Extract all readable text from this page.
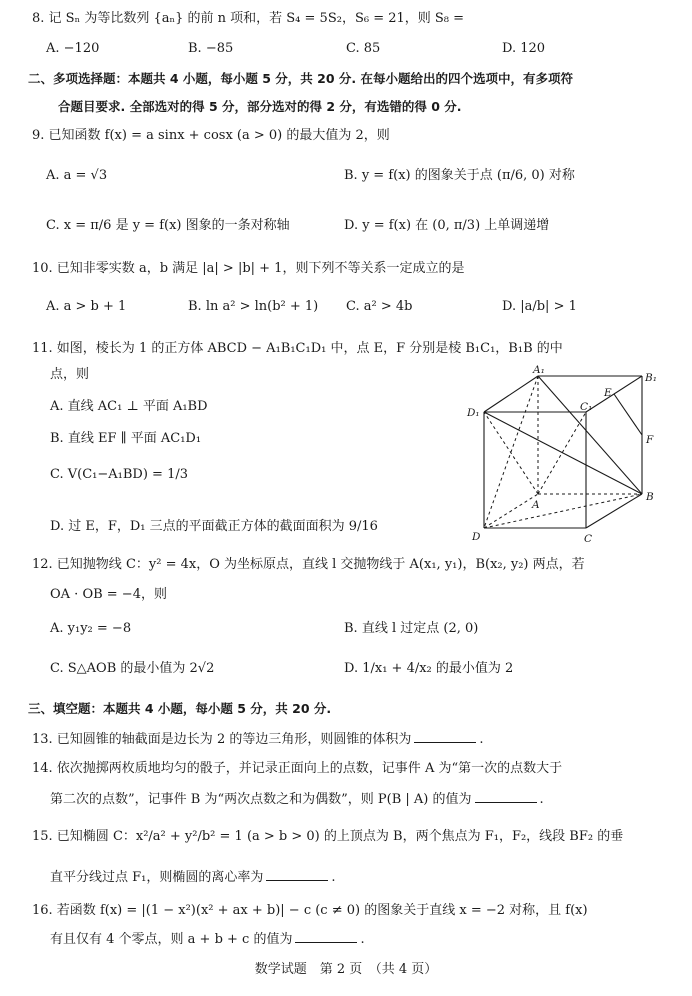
8. 记 Sₙ 为等比数列 {aₙ} 的前 n 项和，若 S₄ = 5S₂，S₆ = 21，则 S₈ =
A. −120	B. −85	C. 85	D. 120
二、多项选择题：本题共 4 小题，每小题 5 分，共 20 分. 在每小题给出的四个选项中，有多项符
合题目要求. 全部选对的得 5 分，部分选对的得 2 分，有选错的得 0 分.
9. 已知函数 f(x) = a sinx + cosx (a > 0) 的最大值为 2，则
A. a = √3	B. y = f(x) 的图象关于点 (π/6, 0) 对称
C. x = π/6 是 y = f(x) 图象的一条对称轴	D. y = f(x) 在 (0, π/3) 上单调递增
10. 已知非零实数 a，b 满足 |a| > |b| + 1，则下列不等关系一定成立的是
A. a > b + 1	B. ln a² > ln(b² + 1) C. a² > 4b	D. |a/b| > 1
11. 如图，棱长为 1 的正方体 ABCD − A₁B₁C₁D₁ 中，点 E，F 分别是棱 B₁C₁，B₁B 的中
点，则
A. 直线 AC₁ ⊥ 平面 A₁BD
B. 直线 EF ∥ 平面 AC₁D₁
C. V(C₁−A₁BD) = 1/3
D. 过 E，F，D₁ 三点的平面截正方体的截面面积为 9/16
A₁
B₁
D₁	C₁
E
F
A
B
D	C
12. 已知抛物线 C：y² = 4x，O 为坐标原点，直线 l 交抛物线于 A(x₁, y₁)，B(x₂, y₂) 两点，若
OA · OB = −4，则
A. y₁y₂ = −8	B. 直线 l 过定点 (2, 0)
C. S△AOB 的最小值为 2√2	D. 1/x₁ + 4/x₂ 的最小值为 2
三、填空题：本题共 4 小题，每小题 5 分，共 20 分.
13. 已知圆锥的轴截面是边长为 2 的等边三角形，则圆锥的体积为	.
14. 依次抛掷两枚质地均匀的骰子，并记录正面向上的点数，记事件 A 为“第一次的点数大于
第二次的点数”，记事件 B 为“两次点数之和为偶数”，则 P(B | A) 的值为	.
15. 已知椭圆 C：x²/a² + y²/b² = 1 (a > b > 0) 的上顶点为 B，两个焦点为 F₁，F₂，线段 BF₂ 的垂
直平分线过点 F₁，则椭圆的离心率为	.
16. 若函数 f(x) = |(1 − x²)(x² + ax + b)| − c (c ≠ 0) 的图象关于直线 x = −2 对称，且 f(x)
有且仅有 4 个零点，则 a + b + c 的值为	.
数学试题　第 2 页　（共 4 页）
